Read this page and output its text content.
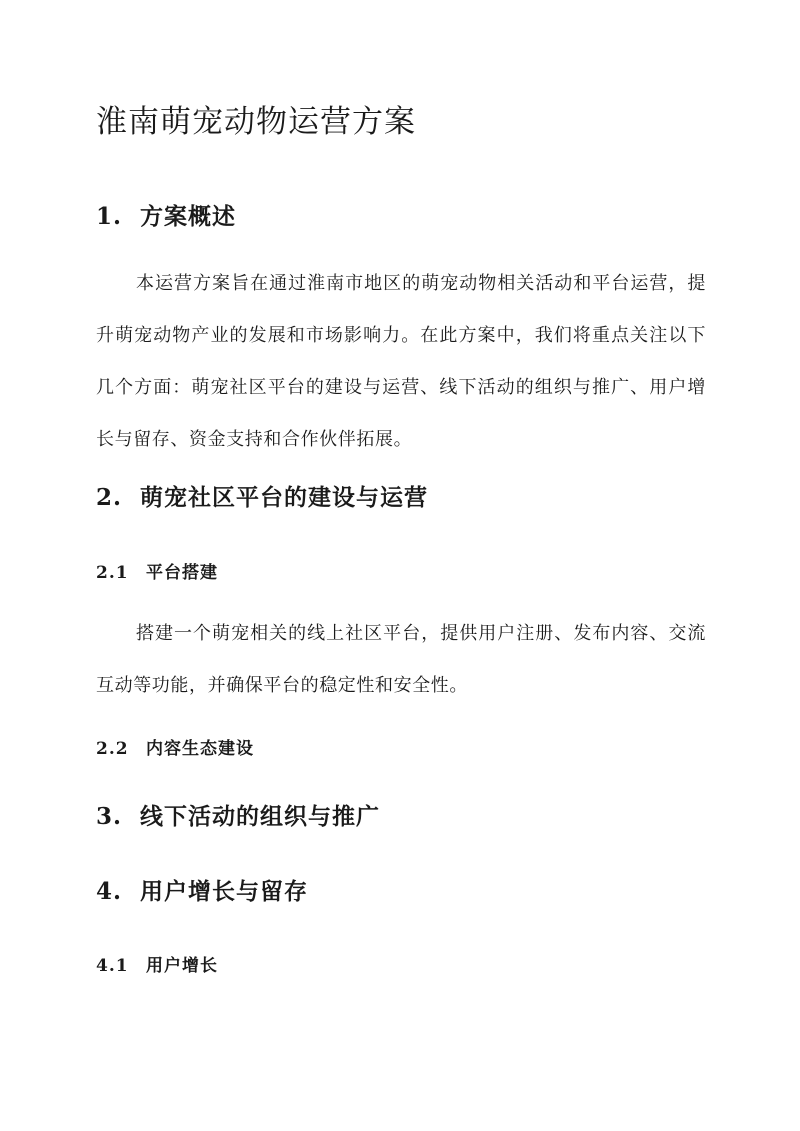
淮南萌宠动物运营方案
1. 方案概述

本运营方案旨在通过淮南市地区的萌宠动物相关活动和平台运营，提升萌宠动物产业的发展和市场影响力。在此方案中，我们将重点关注以下几个方面：萌宠社区平台的建设与运营、线下活动的组织与推广、用户增长与留存、资金支持和合作伙伴拓展。

2. 萌宠社区平台的建设与运营
2.1 平台搭建

搭建一个萌宠相关的线上社区平台，提供用户注册、发布内容、交流互动等功能，并确保平台的稳定性和安全性。

2.2 内容生态建设
3. 线下活动的组织与推广
4. 用户增长与留存
4.1 用户增长
